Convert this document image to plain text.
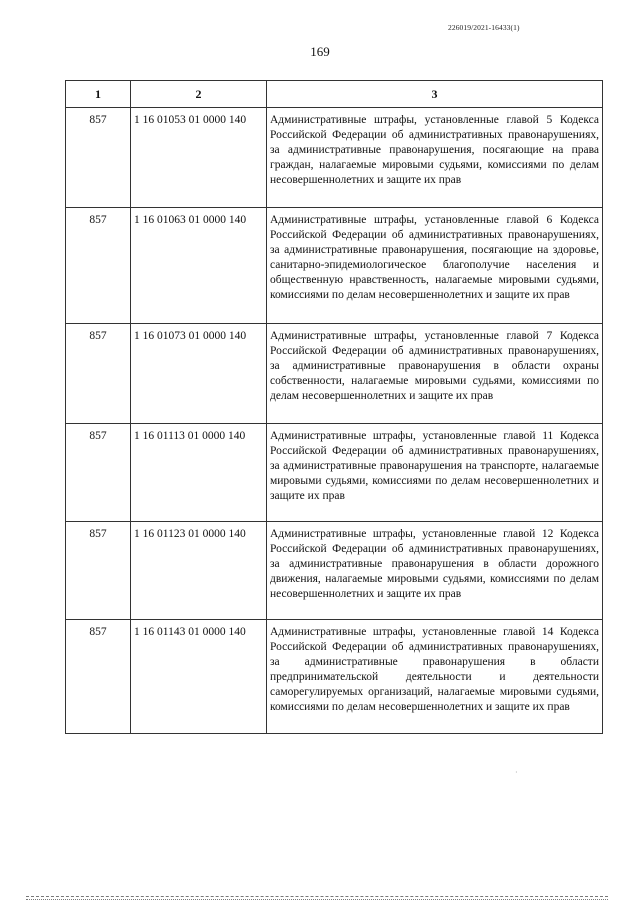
226019/2021-16433(1)
169
1	2	3
857	1 16 01053 01 0000 140	Административные штрафы, установленные главой 5 Кодекса Российской Федерации об административных правонарушениях, за административные правонарушения, посягающие на права граждан, налагаемые мировыми судьями, комиссиями по делам несовершеннолетних и защите их прав
857	1 16 01063 01 0000 140	Административные штрафы, установленные главой 6 Кодекса Российской Федерации об административных правонарушениях, за административные правонарушения, посягающие на здоровье, санитарно-эпидемиологическое благополучие населения и общественную нравственность, налагаемые мировыми судьями, комиссиями по делам несовершеннолетних и защите их прав
857	1 16 01073 01 0000 140	Административные штрафы, установленные главой 7 Кодекса Российской Федерации об административных правонарушениях, за административные правонарушения в области охраны собственности, налагаемые мировыми судьями, комиссиями по делам несовершеннолетних и защите их прав
857	1 16 01113 01 0000 140	Административные штрафы, установленные главой 11 Кодекса Российской Федерации об административных правонарушениях, за административные правонарушения на транспорте, налагаемые мировыми судьями, комиссиями по делам несовершеннолетних и защите их прав
857	1 16 01123 01 0000 140	Административные штрафы, установленные главой 12 Кодекса Российской Федерации об административных правонарушениях, за административные правонарушения в области дорожного движения, налагаемые мировыми судьями, комиссиями по делам несовершеннолетних и защите их прав
857	1 16 01143 01 0000 140	Административные штрафы, установленные главой 14 Кодекса Российской Федерации об административных правонарушениях, за административные правонарушения в области предпринимательской деятельности и деятельности саморегулируемых организаций, налагаемые мировыми судьями, комиссиями по делам несовершеннолетних и защите их прав
·
